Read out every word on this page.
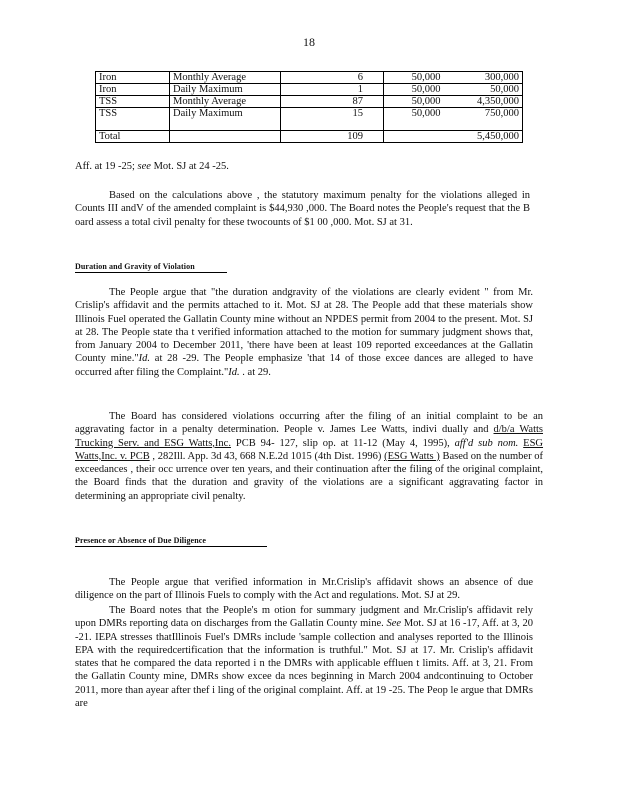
18
Iron	Monthly Average	6	50,000	300,000
Iron	Daily Maximum	1	50,000	50,000
TSS	Monthly Average	87	50,000	4,350,000
TSS	Daily Maximum	15	50,000	750,000
Total		109		5,450,000
Aff. at 19 -25; see Mot. SJ at 24 -25.
Based on the calculations above , the statutory maximum penalty for the violations alleged in Counts III andV of the amended complaint is $44,930 ,000. The Board notes the People's request that the B oard assess a total civil penalty for these twocounts of $1 00 ,000. Mot. SJ at 31.
Duration and Gravity of Violation
The People argue that "the duration andgravity of the violations are clearly evident " from Mr. Crislip's affidavit and the permits attached to it. Mot. SJ at 28. The People add that these materials show Illinois Fuel operated the Gallatin County mine without an NPDES permit from 2004 to the present. Mot. SJ at 28. The People state tha t verified information attached to the motion for summary judgment shows that, from January 2004 to December 2011, 'there have been at least 109 reported exceedances at the Gallatin County mine."Id. at 28 -29. The People emphasize 'that 14 of those excee dances are alleged to have occurred after filing the Complaint."Id. . at 29.
The Board has considered violations occurring after the filing of an initial complaint to be an aggravating factor in a penalty determination. People v. James Lee Watts, indivi dually and d/b/a Watts Trucking Serv. and ESG Watts,Inc. PCB 94- 127, slip op. at 11-12 (May 4, 1995), aff'd sub nom. ESG Watts,Inc. v. PCB , 282Ill. App. 3d 43, 668 N.E.2d 1015 (4th Dist. 1996) (ESG Watts ) Based on the number of exceedances , their occ urrence over ten years, and their continuation after the filing of the original complaint, the Board finds that the duration and gravity of the violations are a significant aggravating factor in determining an appropriate civil penalty.
Presence or Absence of Due Diligence
The People argue that verified information in Mr.Crislip's affidavit shows an absence of due diligence on the part of Illinois Fuels to comply with the Act and regulations. Mot. SJ at 29.
The Board notes that the People's m otion for summary judgment and Mr.Crislip's affidavit rely upon DMRs reporting data on discharges from the Gallatin County mine. See Mot. SJ at 16 -17, Aff. at 3, 20 -21. IEPA stresses thatIllinois Fuel's DMRs include 'sample collection and analyses reported to the Illinois EPA with the requiredcertification that the information is truthful." Mot. SJ at 17. Mr. Crislip's affidavit states that he compared the data reported i n the DMRs with applicable effluen t limits. Aff. at 3, 21. From the Gallatin County mine, DMRs show excee da nces beginning in March 2004 andcontinuing to October 2011, more than ayear after thef i ling of the original complaint. Aff. at 19 -25. The Peop le argue that DMRs are
